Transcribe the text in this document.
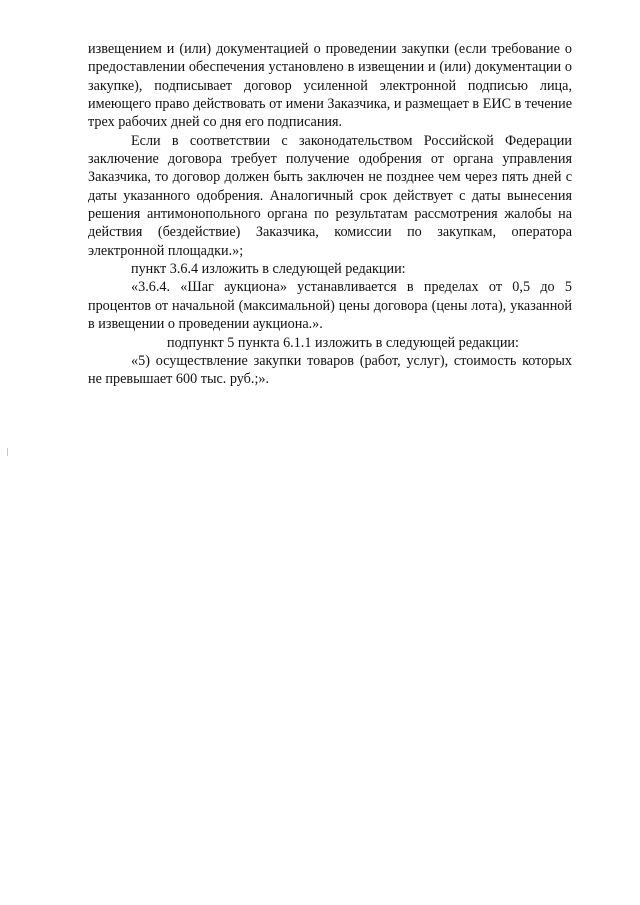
извещением и (или) документацией о проведении закупки (если требование о предоставлении обеспечения установлено в извещении и (или) документации о закупке), подписывает договор усиленной электронной подписью лица, имеющего право действовать от имени Заказчика, и размещает в ЕИС в течение трех рабочих дней со дня его подписания.

Если в соответствии с законодательством Российской Федерации заключение договора требует получение одобрения от органа управления Заказчика, то договор должен быть заключен не позднее чем через пять дней с даты указанного одобрения. Аналогичный срок действует с даты вынесения решения антимонопольного органа по результатам рассмотрения жалобы на действия (бездействие) Заказчика, комиссии по закупкам, оператора электронной площадки.»;

пункт 3.6.4 изложить в следующей редакции:

«3.6.4. «Шаг аукциона» устанавливается в пределах от 0,5 до 5 процентов от начальной (максимальной) цены договора (цены лота), указанной в извещении о проведении аукциона.».

подпункт 5 пункта 6.1.1 изложить в следующей редакции:

«5) осуществление закупки товаров (работ, услуг), стоимость которых не превышает 600 тыс. руб.;».
